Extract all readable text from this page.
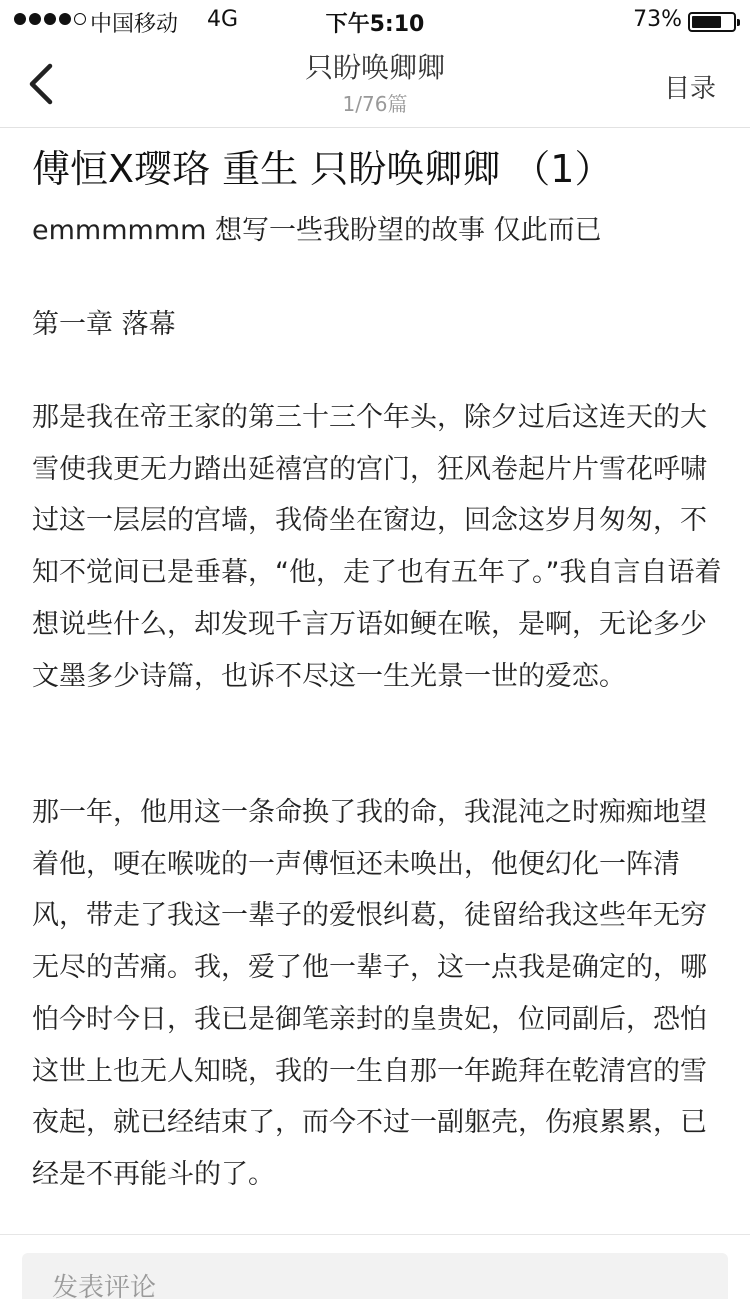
中国移动 4G	下午5:10	73%
只盼唤卿卿
1/76篇	目录
傅恒X璎珞 重生 只盼唤卿卿 （1）
emmmmmm 想写一些我盼望的故事 仅此而已
第一章 落幕
那是我在帝王家的第三十三个年头，除夕过后这连天的大雪使我更无力踏出延禧宫的宫门，狂风卷起片片雪花呼啸过这一层层的宫墙，我倚坐在窗边，回念这岁月匆匆，不知不觉间已是垂暮，“他，走了也有五年了。”我自言自语着想说些什么，却发现千言万语如鲠在喉，是啊，无论多少文墨多少诗篇，也诉不尽这一生光景一世的爱恋。
那一年，他用这一条命换了我的命，我混沌之时痴痴地望着他，哽在喉咙的一声傅恒还未唤出，他便幻化一阵清风，带走了我这一辈子的爱恨纠葛，徒留给我这些年无穷无尽的苦痛。我，爱了他一辈子，这一点我是确定的，哪怕今时今日，我已是御笔亲封的皇贵妃，位同副后，恐怕这世上也无人知晓，我的一生自那一年跪拜在乾清宫的雪夜起，就已经结束了，而今不过一副躯壳，伤痕累累，已经是不再能斗的了。
发表评论
